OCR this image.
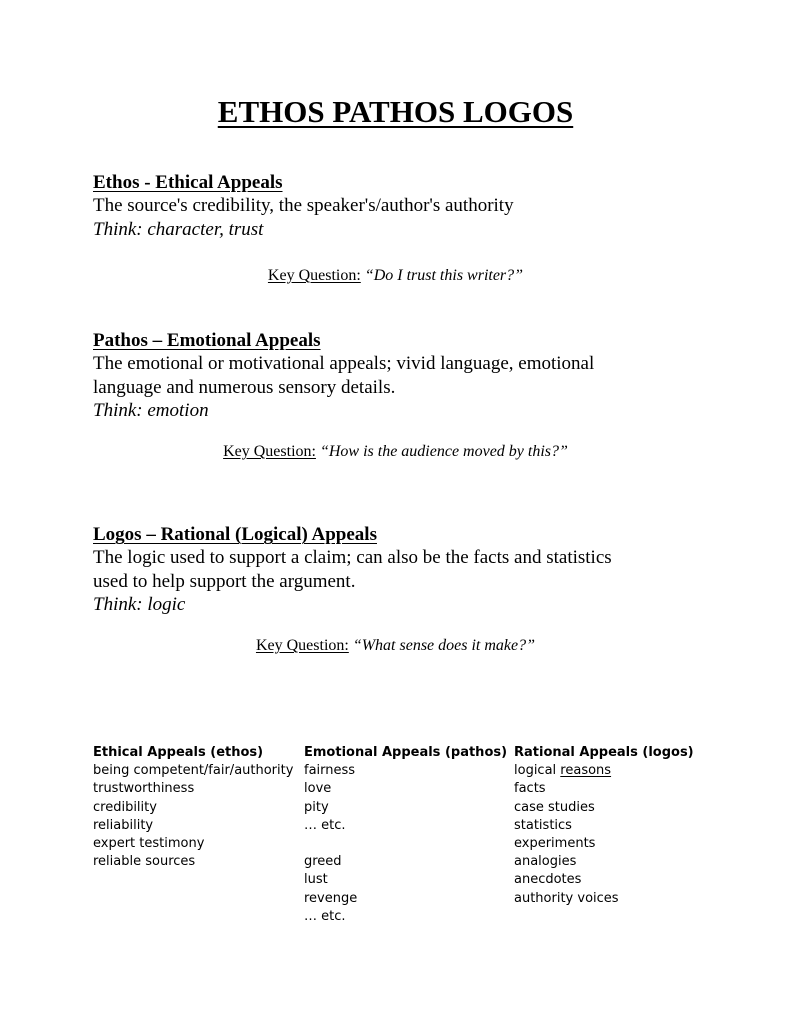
ETHOS PATHOS LOGOS
Ethos - Ethical Appeals
The source's credibility, the speaker's/author's authority
Think: character, trust
Key Question: “Do I trust this writer?”
Pathos – Emotional Appeals
The emotional or motivational appeals; vivid language, emotional
language and numerous sensory details.
Think: emotion
Key Question: “How is the audience moved by this?”
Logos – Rational (Logical) Appeals
The logic used to support a claim; can also be the facts and statistics
used to help support the argument.
Think: logic
Key Question: “What sense does it make?”
Ethical Appeals (ethos)
being competent/fair/authority
trustworthiness
credibility
reliability
expert testimony
reliable sources
Emotional Appeals (pathos)
fairness
love
pity
… etc.
greed
lust
revenge
… etc.
Rational Appeals (logos)
logical reasons
facts
case studies
statistics
experiments
analogies
anecdotes
authority voices
